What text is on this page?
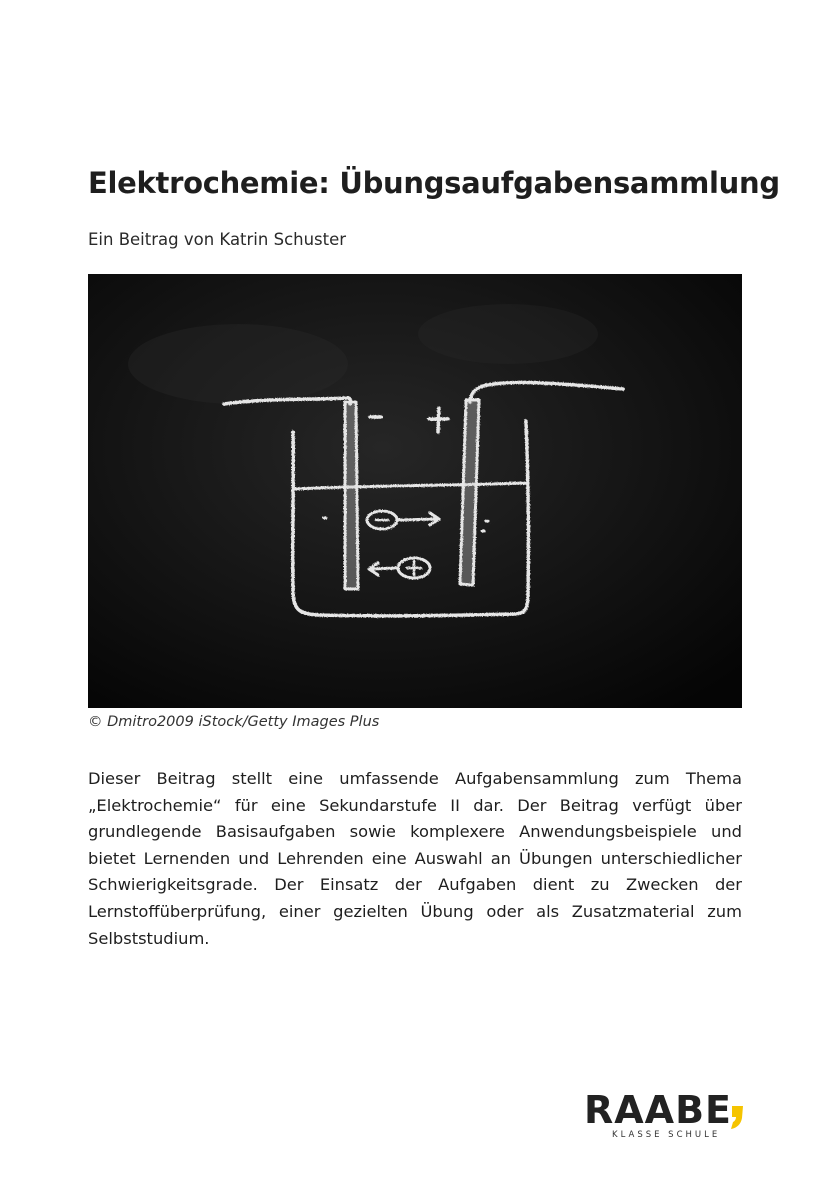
Elektrochemie: Übungsaufgabensammlung
Ein Beitrag von Katrin Schuster
© Dmitro2009 iStock/Getty Images Plus

Dieser Beitrag stellt eine umfassende Aufgabensammlung zum Thema „Elektrochemie“ für eine Sekundarstufe II dar. Der Beitrag verfügt über grundlegende Basisaufgaben sowie komplexere Anwendungsbeispiele und bietet Lernenden und Lehrenden eine Auswahl an Übungen unterschiedlicher Schwierigkeitsgrade. Der Einsatz der Aufgaben dient zu Zwecken der Lernstoffüberprüfung, einer gezielten Übung oder als Zusatzmaterial zum Selbststudium.

RAABE
KLASSE SCHULE
